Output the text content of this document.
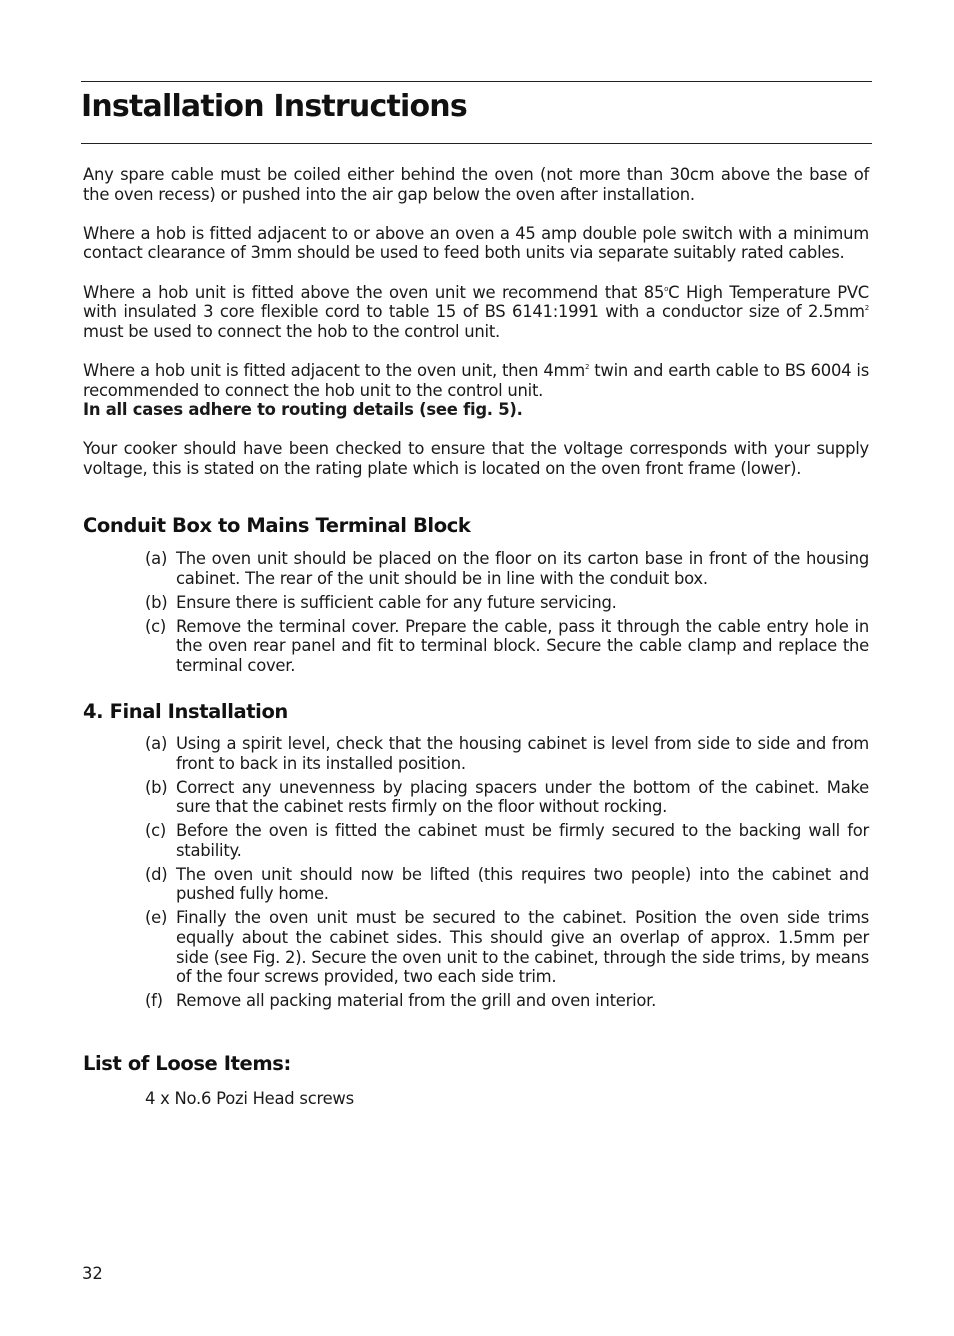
Installation Instructions

Any spare cable must be coiled either behind the oven (not more than 30cm above the base of the oven recess) or pushed into the air gap below the oven after installation.

Where a hob is fitted adjacent to or above an oven a 45 amp double pole switch with a minimum contact clearance of 3mm should be used to feed both units via separate suitably rated cables.

Where a hob unit is fitted above the oven unit we recommend that 85$^o$C High Temperature PVC with insulated 3 core flexible cord to table 15 of BS 6141:1991 with a conductor size of $2.5mm^2$ must be used to connect the hob to the control unit.

Where a hob unit is fitted adjacent to the oven unit, then $4mm^2$ twin and earth cable to BS 6004 is recommended to connect the hob unit to the control unit.
In all cases adhere to routing details (see fig. 5).

Your cooker should have been checked to ensure that the voltage corresponds with your supply voltage, this is stated on the rating plate which is located on the oven front frame (lower).

Conduit Box to Mains Terminal Block
(a) The oven unit should be placed on the floor on its carton base in front of the housing cabinet. The rear of the unit should be in line with the conduit box.
(b) Ensure there is sufficient cable for any future servicing.
(c) Remove the terminal cover. Prepare the cable, pass it through the cable entry hole in the oven rear panel and fit to terminal block. Secure the cable clamp and replace the terminal cover.
4. Final Installation
(a) Using a spirit level, check that the housing cabinet is level from side to side and from front to back in its installed position.
(b) Correct any unevenness by placing spacers under the bottom of the cabinet. Make sure that the cabinet rests firmly on the floor without rocking.
(c) Before the oven is fitted the cabinet must be firmly secured to the backing wall for stability.
(d) The oven unit should now be lifted (this requires two people) into the cabinet and pushed fully home.
(e) Finally the oven unit must be secured to the cabinet. Position the oven side trims equally about the cabinet sides. This should give an overlap of approx. 1.5mm per side (see Fig. 2). Secure the oven unit to the cabinet, through the side trims, by means of the four screws provided, two each side trim.
(f) Remove all packing material from the grill and oven interior.
List of Loose Items:
4 x No.6 Pozi Head screws
32
